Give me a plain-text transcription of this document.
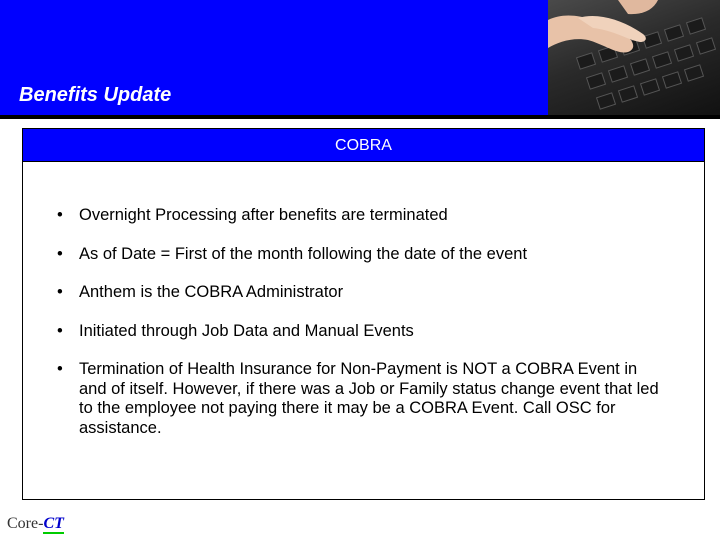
Benefits Update
COBRA
• Overnight Processing after benefits are terminated
• As of Date = First of the month following the date of the event
• Anthem is the COBRA Administrator
• Initiated through Job Data and Manual Events
• Termination of Health Insurance for Non-Payment is NOT a COBRA Event in and of itself. However, if there was a Job or Family status change event that led to the employee not paying there it may be a COBRA Event. Call OSC for assistance.
Core-CT
